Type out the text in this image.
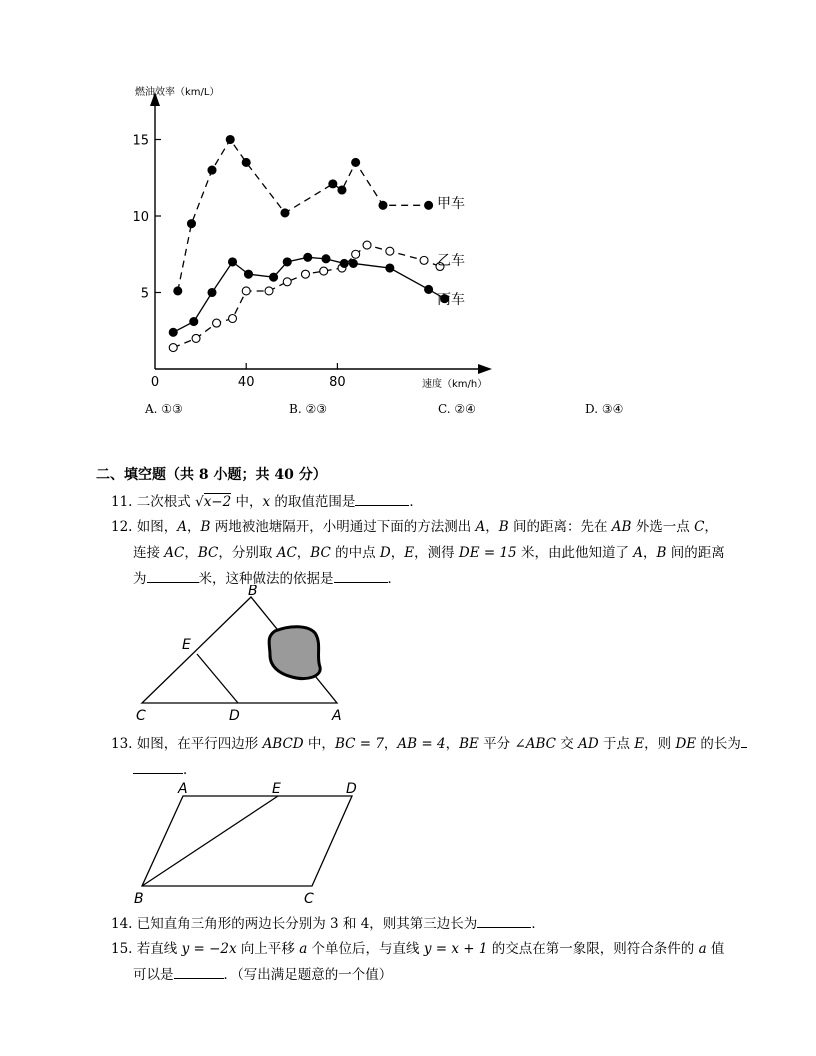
5
10
15
40	80
0
燃油效率（km/L）
速度（km/h）
甲车
乙车
丙车
A. ①③	B. ②③	C. ②④	D. ③④
二、填空题（共 8 小题；共 40 分）
11. 二次根式 √x−2 中，x 的取值范围是	．
12. 如图，A，B 两地被池塘隔开，小明通过下面的方法测出 A，B 间的距离：先在 AB 外选一点 C，
连接 AC，BC，分别取 AC，BC 的中点 D，E，测得 DE = 15 米，由此他知道了 A，B 间的距离
为	米，这种做法的依据是	．
B
E
C	D	A
13. 如图，在平行四边形 ABCD 中，BC = 7，AB = 4，BE 平分 ∠ABC 交 AD 于点 E，则 DE 的长为
．
A	E	D
B	C
14. 已知直角三角形的两边长分别为 3 和 4，则其第三边长为	．
15. 若直线 y = −2x 向上平移 a 个单位后，与直线 y = x + 1 的交点在第一象限，则符合条件的 a 值
可以是	．（写出满足题意的一个值）
